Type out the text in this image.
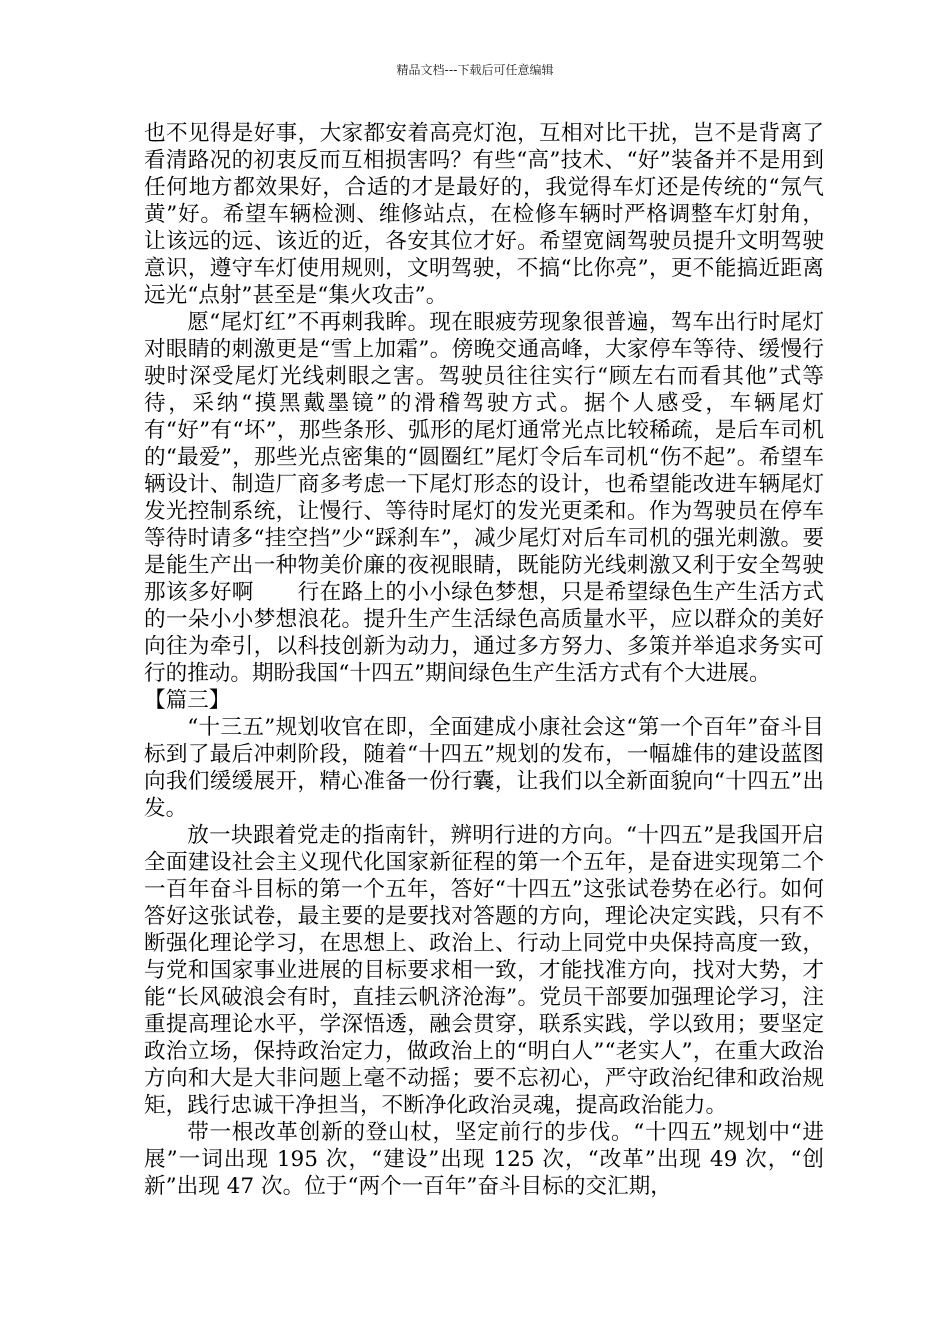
精品文档---下载后可任意编辑

也不见得是好事，大家都安着高亮灯泡，互相对比干扰，岂不是背离了看清路况的初衷反而互相损害吗？有些“高”技术、“好”装备并不是用到任何地方都效果好，合适的才是最好的，我觉得车灯还是传统的“氖气黄”好。希望车辆检测、维修站点，在检修车辆时严格调整车灯射角，让该远的远、该近的近，各安其位才好。希望宽阔驾驶员提升文明驾驶意识，遵守车灯使用规则，文明驾驶，不搞“比你亮”，更不能搞近距离远光“点射”甚至是“集火攻击”。

愿“尾灯红”不再刺我眸。现在眼疲劳现象很普遍，驾车出行时尾灯对眼睛的刺激更是“雪上加霜”。傍晚交通高峰，大家停车等待、缓慢行驶时深受尾灯光线刺眼之害。驾驶员往往实行“顾左右而看其他”式等待，采纳“摸黑戴墨镜”的滑稽驾驶方式。据个人感受，车辆尾灯有“好”有“坏”，那些条形、弧形的尾灯通常光点比较稀疏，是后车司机的“最爱”，那些光点密集的“圆圈红”尾灯令后车司机“伤不起”。希望车辆设计、制造厂商多考虑一下尾灯形态的设计，也希望能改进车辆尾灯发光控制系统，让慢行、等待时尾灯的发光更柔和。作为驾驶员在停车等待时请多“挂空挡”少“踩刹车”，减少尾灯对后车司机的强光刺激。要是能生产出一种物美价廉的夜视眼睛，既能防光线刺激又利于安全驾驶那该多好啊　　行在路上的小小绿色梦想，只是希望绿色生产生活方式的一朵小小梦想浪花。提升生产生活绿色高质量水平，应以群众的美好向往为牵引，以科技创新为动力，通过多方努力、多策并举追求务实可行的推动。期盼我国“十四五”期间绿色生产生活方式有个大进展。

【篇三】

“十三五”规划收官在即，全面建成小康社会这“第一个百年”奋斗目标到了最后冲刺阶段，随着“十四五”规划的发布，一幅雄伟的建设蓝图向我们缓缓展开，精心准备一份行囊，让我们以全新面貌向“十四五”出发。

放一块跟着党走的指南针，辨明行进的方向。“十四五”是我国开启全面建设社会主义现代化国家新征程的第一个五年，是奋进实现第二个一百年奋斗目标的第一个五年，答好“十四五”这张试卷势在必行。如何答好这张试卷，最主要的是要找对答题的方向，理论决定实践，只有不断强化理论学习，在思想上、政治上、行动上同党中央保持高度一致，与党和国家事业进展的目标要求相一致，才能找准方向，找对大势，才能“长风破浪会有时，直挂云帆济沧海”。党员干部要加强理论学习，注重提高理论水平，学深悟透，融会贯穿，联系实践，学以致用；要坚定政治立场，保持政治定力，做政治上的“明白人”“老实人”，在重大政治方向和大是大非问题上毫不动摇；要不忘初心，严守政治纪律和政治规矩，践行忠诚干净担当，不断净化政治灵魂，提高政治能力。

带一根改革创新的登山杖，坚定前行的步伐。“十四五”规划中“进展”一词出现 195 次，“建设”出现 125 次，“改革”出现 49 次，“创新”出现 47 次。位于“两个一百年”奋斗目标的交汇期，
